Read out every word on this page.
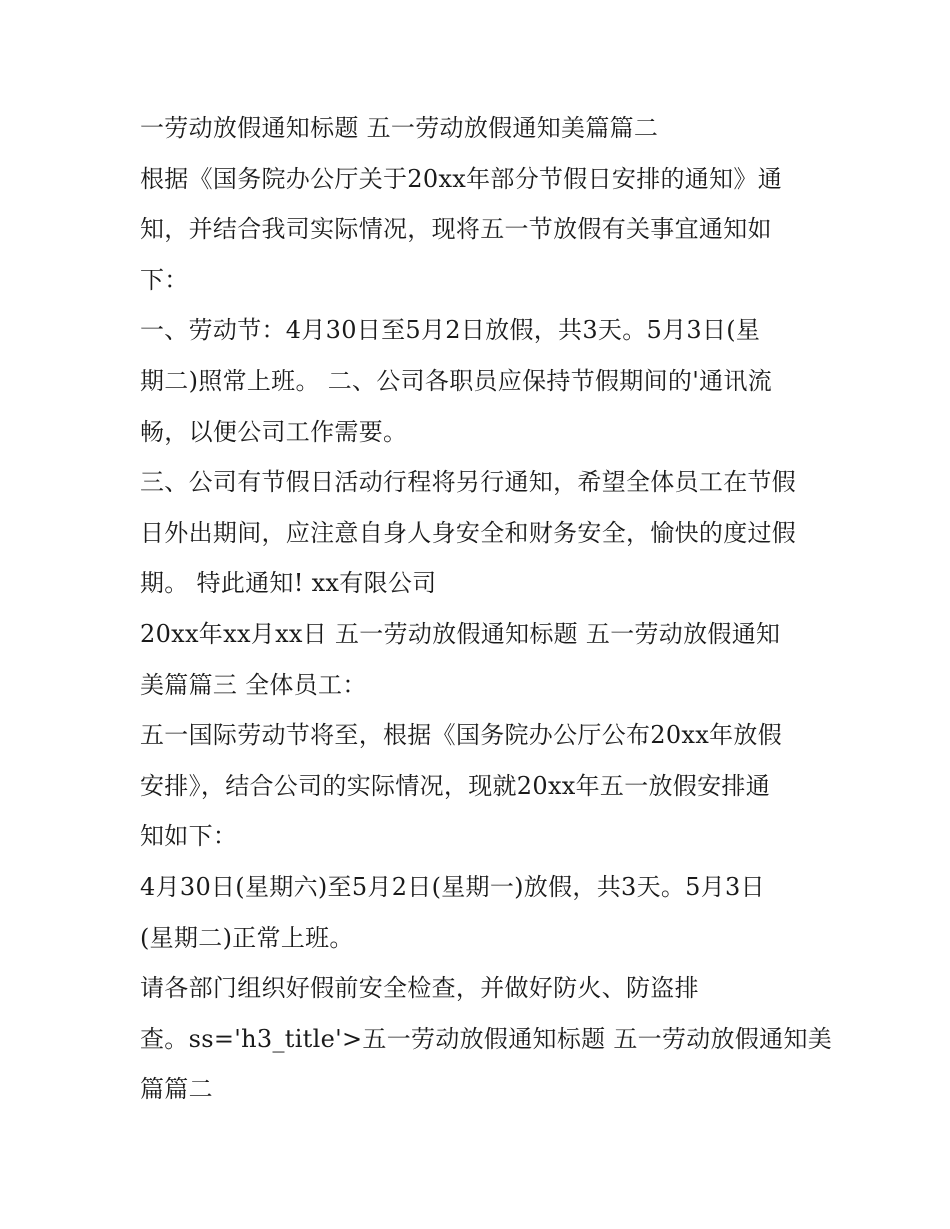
一劳动放假通知标题 五一劳动放假通知美篇篇二
根据《国务院办公厅关于20xx年部分节假日安排的通知》通
知，并结合我司实际情况，现将五一节放假有关事宜通知如
下：
一、劳动节：4月30日至5月2日放假，共3天。5月3日(星
期二)照常上班。 二、公司各职员应保持节假期间的'通讯流
畅，以便公司工作需要。
三、公司有节假日活动行程将另行通知，希望全体员工在节假
日外出期间，应注意自身人身安全和财务安全，愉快的度过假
期。 特此通知! xx有限公司
20xx年xx月xx日 五一劳动放假通知标题 五一劳动放假通知
美篇篇三 全体员工：
五一国际劳动节将至，根据《国务院办公厅公布20xx年放假
安排》，结合公司的实际情况，现就20xx年五一放假安排通
知如下：
4月30日(星期六)至5月2日(星期一)放假，共3天。5月3日
(星期二)正常上班。
请各部门组织好假前安全检查，并做好防火、防盗排
查。ss='h3_title'>五一劳动放假通知标题 五一劳动放假通知美
篇篇二
